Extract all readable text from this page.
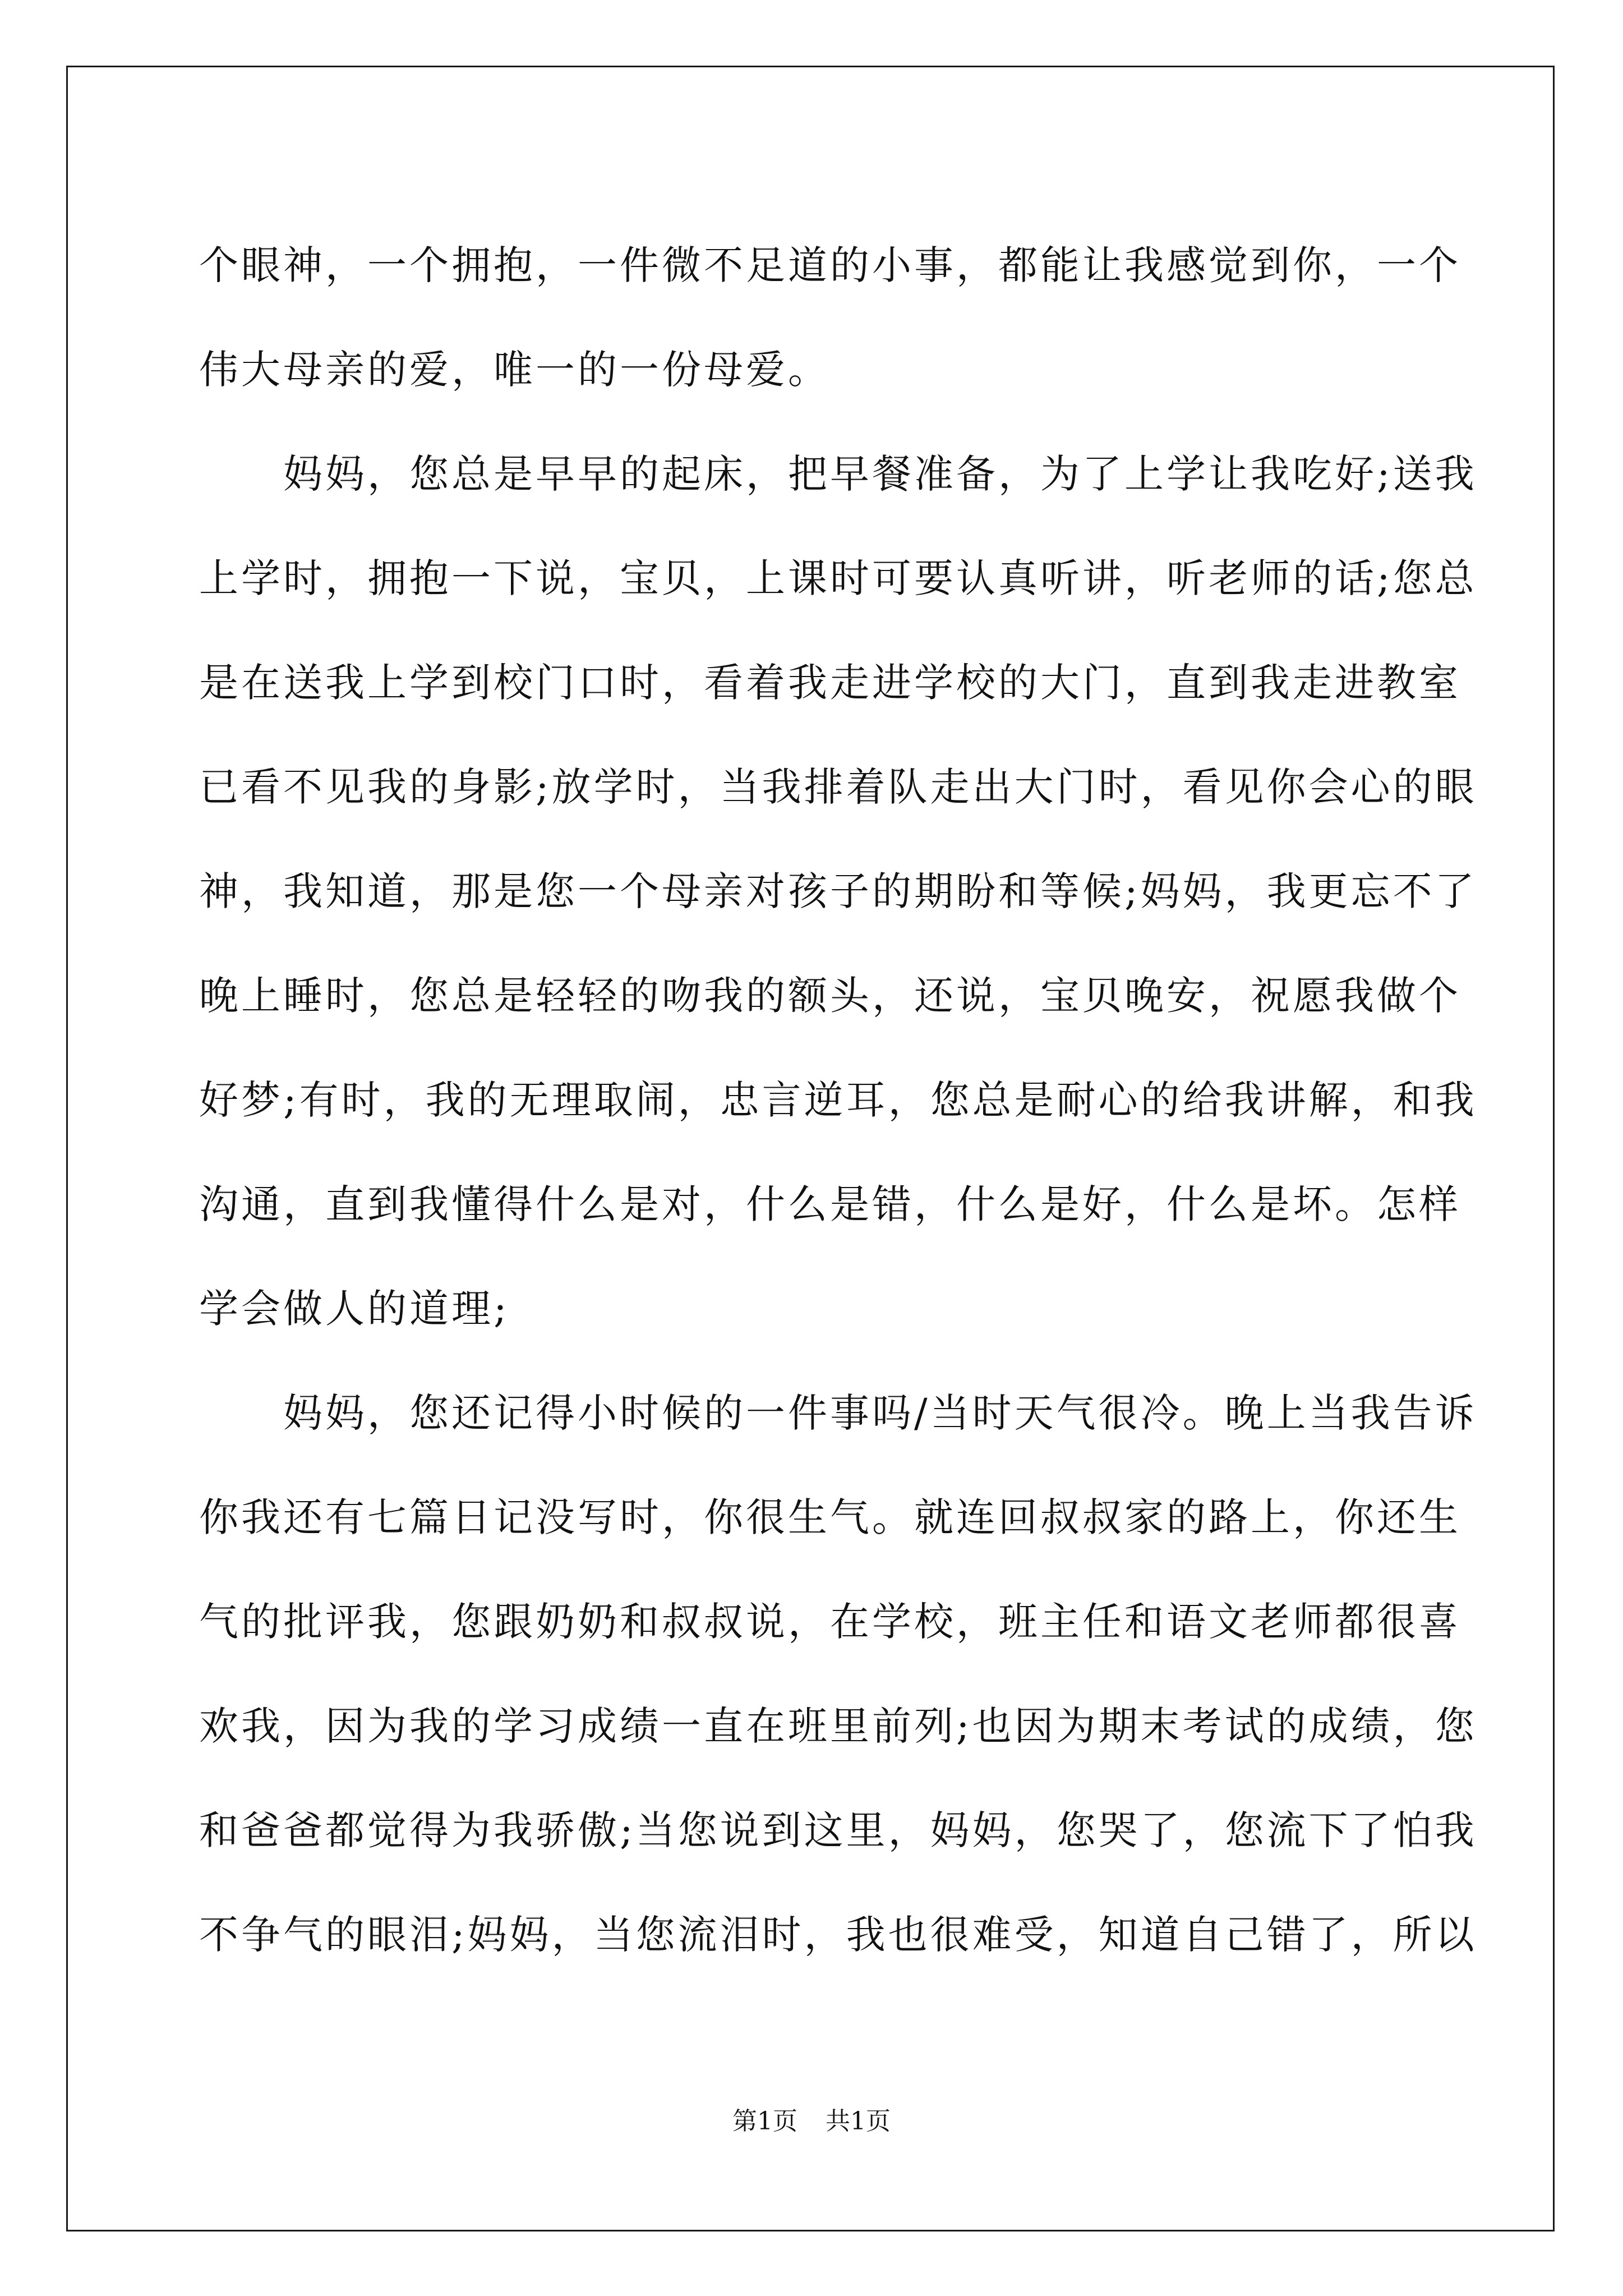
个眼神，一个拥抱，一件微不足道的小事，都能让我感觉到你，一个
伟大母亲的爱，唯一的一份母爱。
　　妈妈，您总是早早的起床，把早餐准备，为了上学让我吃好;送我
上学时，拥抱一下说，宝贝，上课时可要认真听讲，听老师的话;您总
是在送我上学到校门口时，看着我走进学校的大门，直到我走进教室
已看不见我的身影;放学时，当我排着队走出大门时，看见你会心的眼
神，我知道，那是您一个母亲对孩子的期盼和等候;妈妈，我更忘不了
晚上睡时，您总是轻轻的吻我的额头，还说，宝贝晚安，祝愿我做个
好梦;有时，我的无理取闹，忠言逆耳，您总是耐心的给我讲解，和我
沟通，直到我懂得什么是对，什么是错，什么是好，什么是坏。怎样
学会做人的道理;
　　妈妈，您还记得小时候的一件事吗/当时天气很冷。晚上当我告诉
你我还有七篇日记没写时，你很生气。就连回叔叔家的路上，你还生
气的批评我，您跟奶奶和叔叔说，在学校，班主任和语文老师都很喜
欢我，因为我的学习成绩一直在班里前列;也因为期末考试的成绩，您
和爸爸都觉得为我骄傲;当您说到这里，妈妈，您哭了，您流下了怕我
不争气的眼泪;妈妈，当您流泪时，我也很难受，知道自己错了，所以
第1页 共1页
